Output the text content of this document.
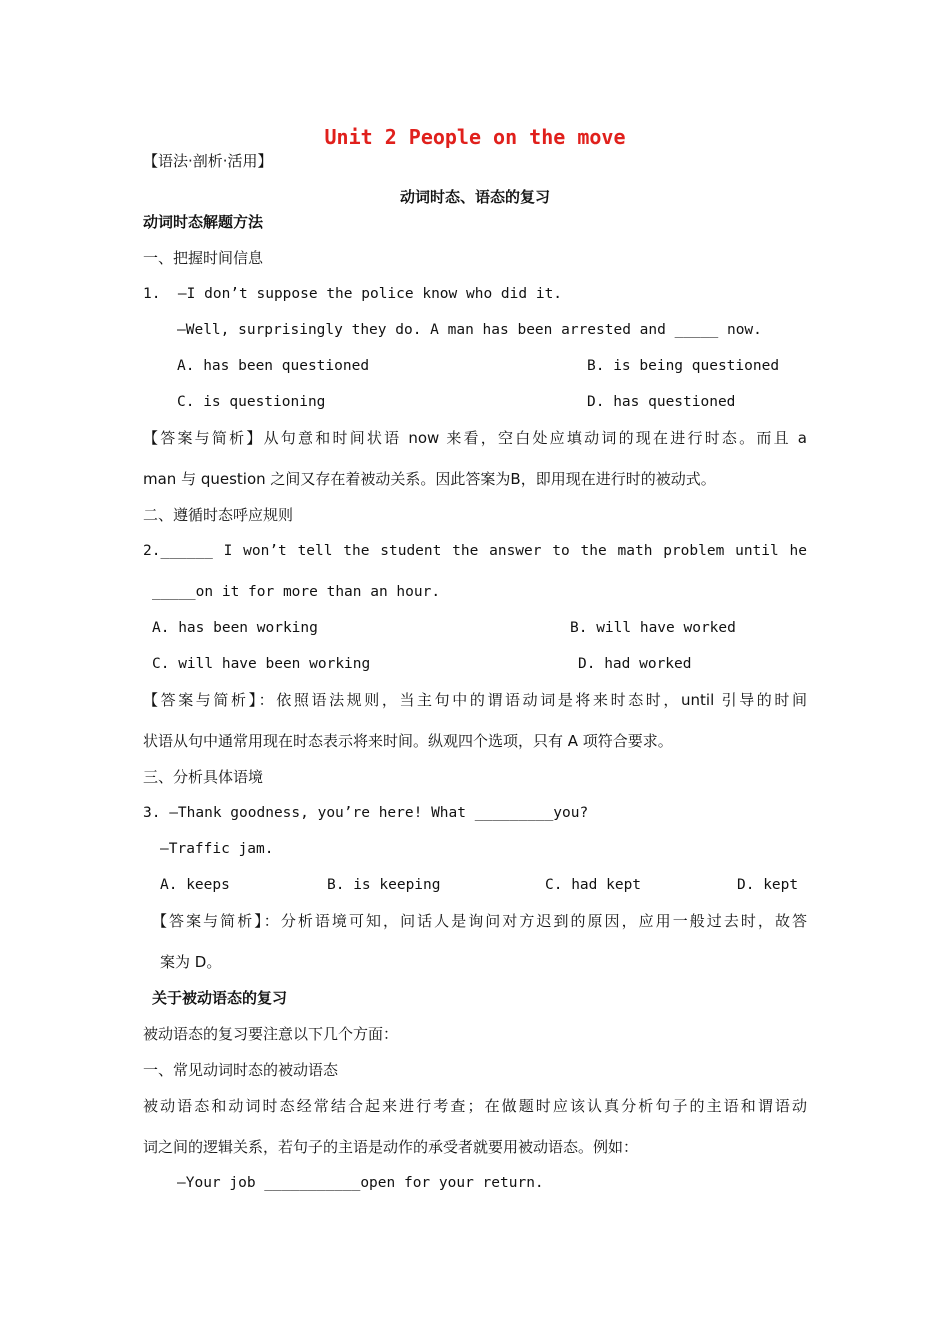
Unit 2 People on the move
【语法·剖析·活用】
动词时态、语态的复习
动词时态解题方法
一、把握时间信息
1.  —I don’t suppose the police know who did it.
—Well, surprisingly they do. A man has been arrested and _____ now.
A. has been questioned	B. is being questioned
C. is questioning	D. has questioned
【答案与简析】从句意和时间状语 now 来看，空白处应填动词的现在进行时态。而且 a
man 与 question 之间又存在着被动关系。因此答案为B，即用现在进行时的被动式。
二、遵循时态呼应规则
2.______ I won’t tell the student the answer to the math problem until he
_____on it for more than an hour.
A. has been working	B. will have worked
C. will have been working	D. had worked
【答案与简析】：依照语法规则，当主句中的谓语动词是将来时态时，until 引导的时间
状语从句中通常用现在时态表示将来时间。纵观四个选项，只有 A 项符合要求。
三、分析具体语境
3. —Thank goodness, you’re here! What _________you?
—Traffic jam.
A. keeps	B. is keeping	C. had kept	D. kept
【答案与简析】：分析语境可知，问话人是询问对方迟到的原因，应用一般过去时，故答
案为 D。
关于被动语态的复习
被动语态的复习要注意以下几个方面：
一、常见动词时态的被动语态
被动语态和动词时态经常结合起来进行考查；在做题时应该认真分析句子的主语和谓语动
词之间的逻辑关系，若句子的主语是动作的承受者就要用被动语态。例如：
—Your job ___________open for your return.
